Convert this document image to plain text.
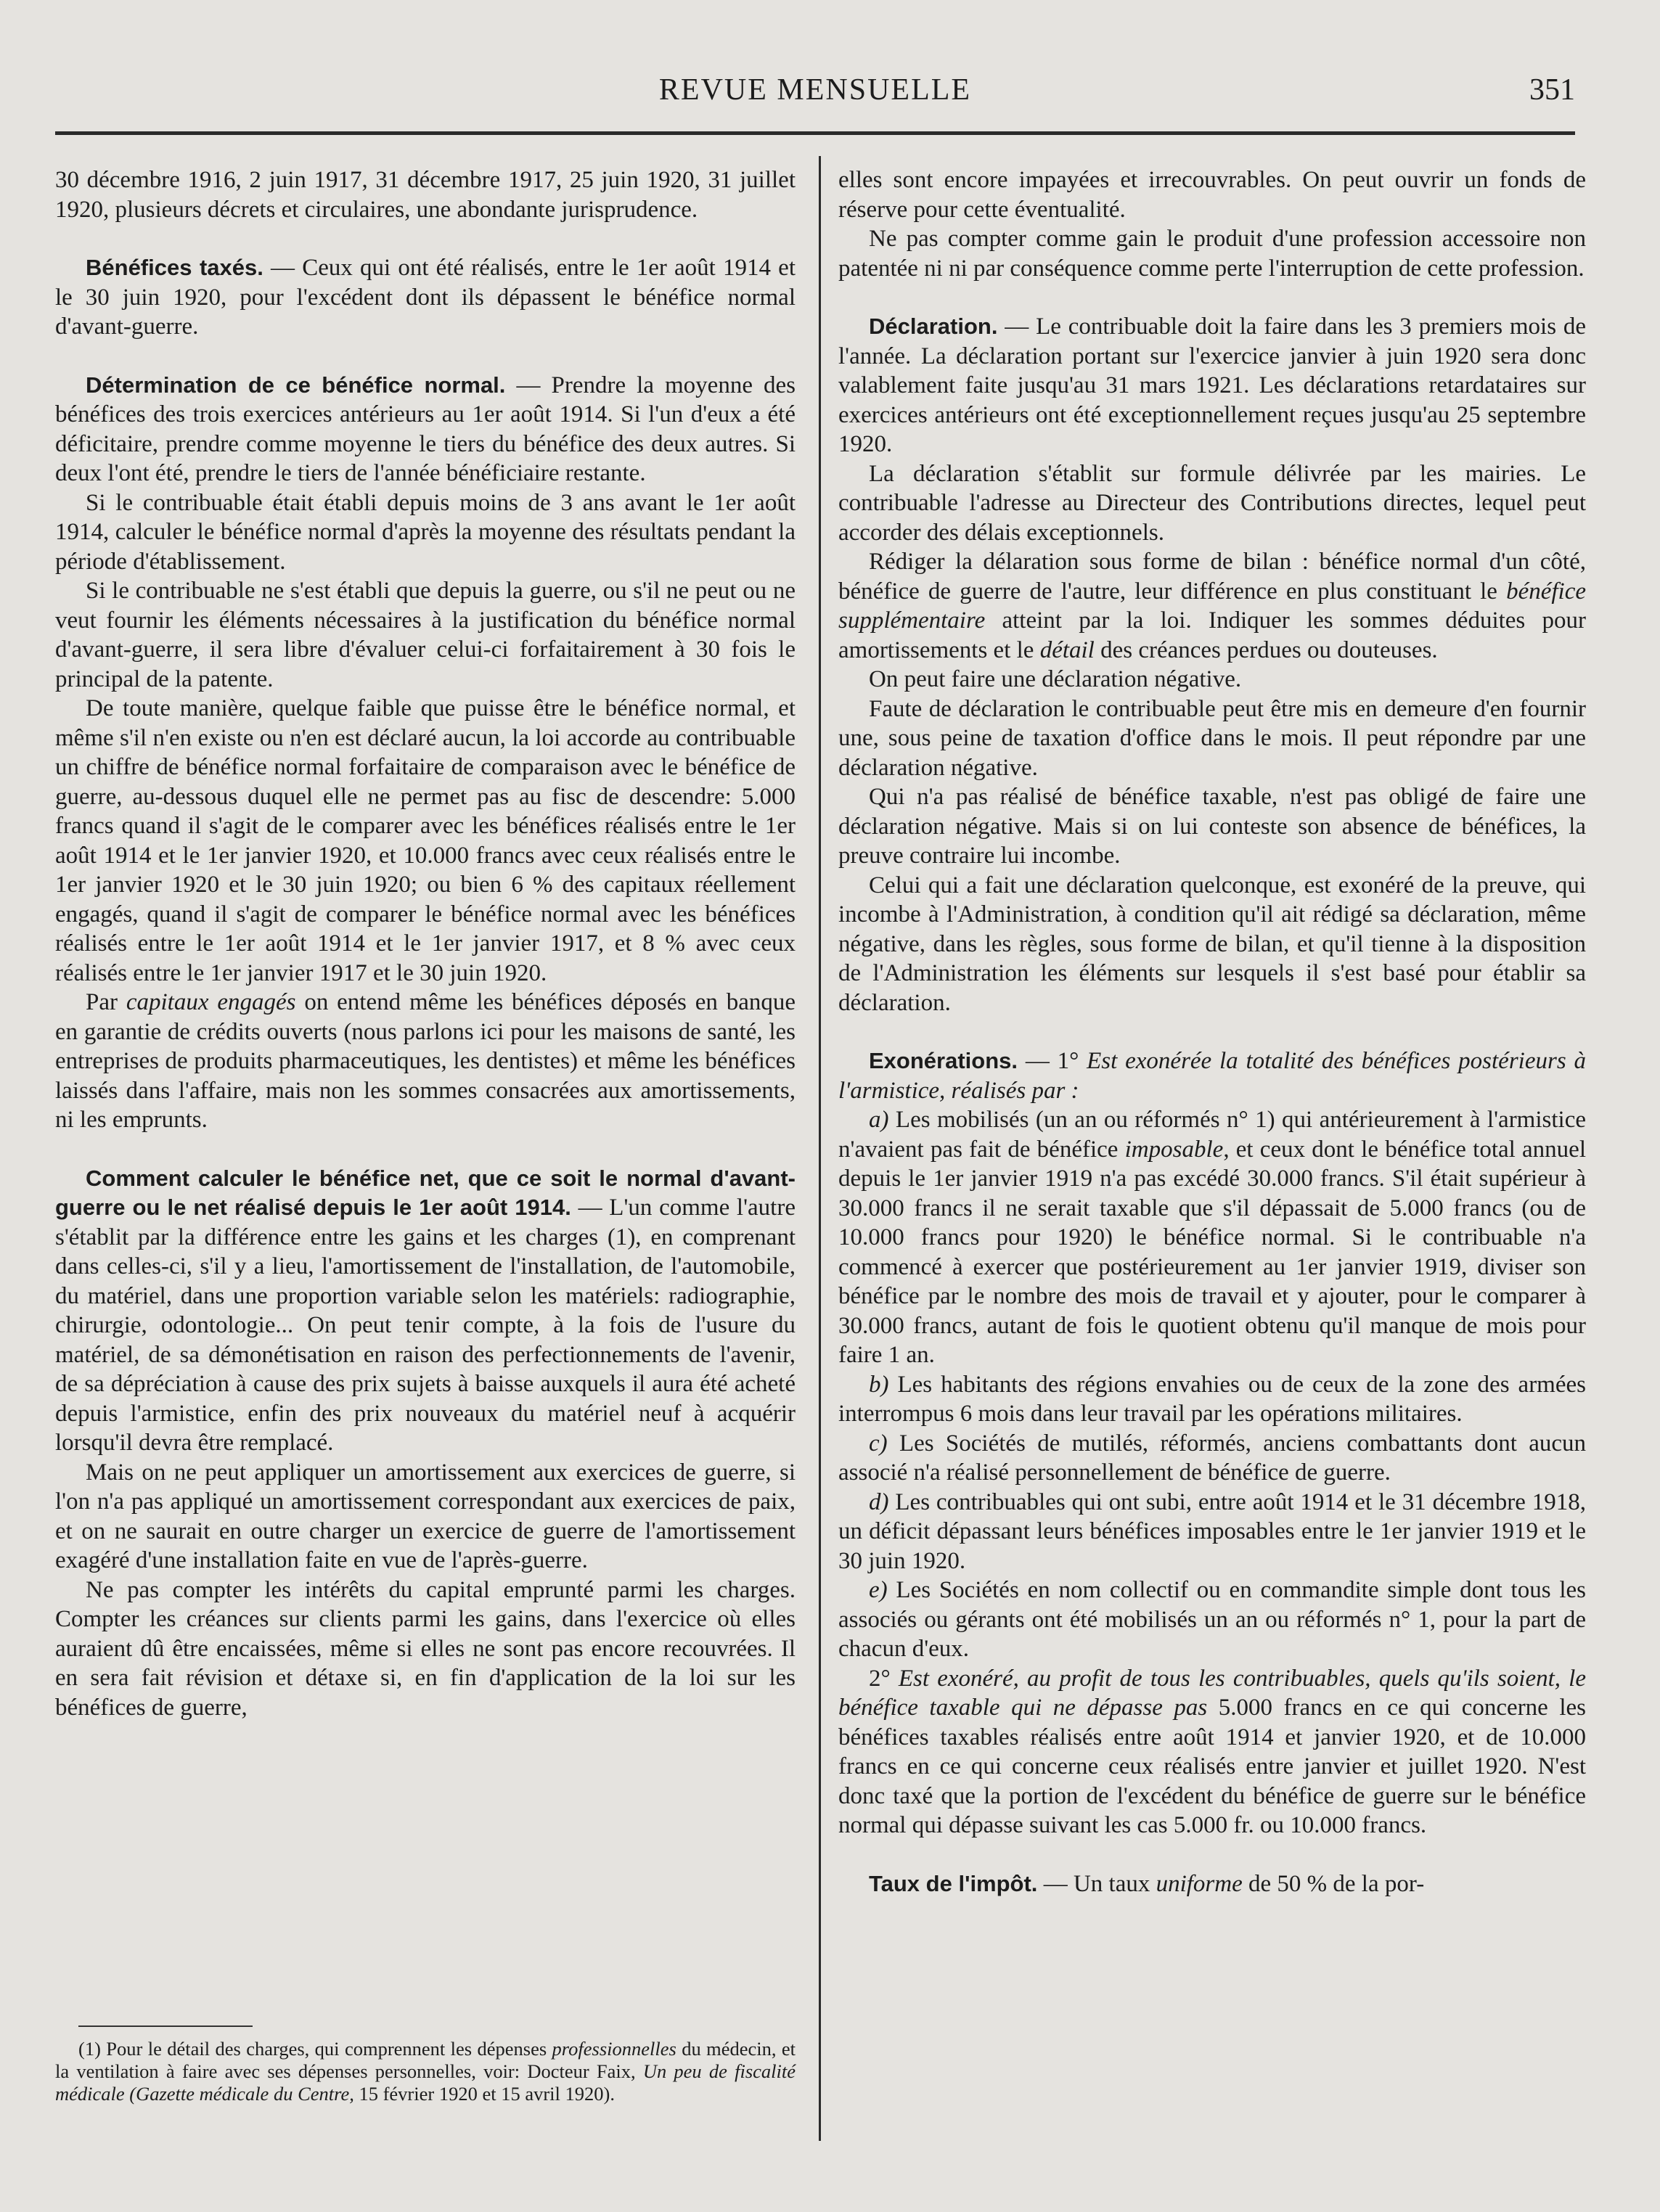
REVUE MENSUELLE	351

30 décembre 1916, 2 juin 1917, 31 décembre 1917, 25 juin 1920, 31 juillet 1920, plusieurs décrets et circulaires, une abondante jurisprudence.

Bénéfices taxés. — Ceux qui ont été réalisés, entre le 1er août 1914 et le 30 juin 1920, pour l'excédent dont ils dépassent le bénéfice normal d'avant-guerre.

Détermination de ce bénéfice normal. — Prendre la moyenne des bénéfices des trois exercices antérieurs au 1er août 1914. Si l'un d'eux a été déficitaire, prendre comme moyenne le tiers du bénéfice des deux autres. Si deux l'ont été, prendre le tiers de l'année bénéficiaire restante.

Si le contribuable était établi depuis moins de 3 ans avant le 1er août 1914, calculer le bénéfice normal d'après la moyenne des résultats pendant la période d'établissement.

Si le contribuable ne s'est établi que depuis la guerre, ou s'il ne peut ou ne veut fournir les éléments nécessaires à la justification du bénéfice normal d'avant-guerre, il sera libre d'évaluer celui-ci forfaitairement à 30 fois le principal de la patente.

De toute manière, quelque faible que puisse être le bénéfice normal, et même s'il n'en existe ou n'en est déclaré aucun, la loi accorde au contribuable un chiffre de bénéfice normal forfaitaire de comparaison avec le bénéfice de guerre, au-dessous duquel elle ne permet pas au fisc de descendre: 5.000 francs quand il s'agit de le comparer avec les bénéfices réalisés entre le 1er août 1914 et le 1er janvier 1920, et 10.000 francs avec ceux réalisés entre le 1er janvier 1920 et le 30 juin 1920; ou bien 6 % des capitaux réellement engagés, quand il s'agit de comparer le bénéfice normal avec les bénéfices réalisés entre le 1er août 1914 et le 1er janvier 1917, et 8 % avec ceux réalisés entre le 1er janvier 1917 et le 30 juin 1920.

Par capitaux engagés on entend même les bénéfices déposés en banque en garantie de crédits ouverts (nous parlons ici pour les maisons de santé, les entreprises de produits pharmaceutiques, les dentistes) et même les bénéfices laissés dans l'affaire, mais non les sommes consacrées aux amortissements, ni les emprunts.

Comment calculer le bénéfice net, que ce soit le normal d'avant-guerre ou le net réalisé depuis le 1er août 1914. — L'un comme l'autre s'établit par la différence entre les gains et les charges (1), en comprenant dans celles-ci, s'il y a lieu, l'amortissement de l'installation, de l'automobile, du matériel, dans une proportion variable selon les matériels: radiographie, chirurgie, odontologie... On peut tenir compte, à la fois de l'usure du matériel, de sa démonétisation en raison des perfectionnements de l'avenir, de sa dépréciation à cause des prix sujets à baisse auxquels il aura été acheté depuis l'armistice, enfin des prix nouveaux du matériel neuf à acquérir lorsqu'il devra être remplacé.

Mais on ne peut appliquer un amortissement aux exercices de guerre, si l'on n'a pas appliqué un amortissement correspondant aux exercices de paix, et on ne saurait en outre charger un exercice de guerre de l'amortissement exagéré d'une installation faite en vue de l'après-guerre.

Ne pas compter les intérêts du capital emprunté parmi les charges. Compter les créances sur clients parmi les gains, dans l'exercice où elles auraient dû être encaissées, même si elles ne sont pas encore recouvrées. Il en sera fait révision et détaxe si, en fin d'application de la loi sur les bénéfices de guerre,

(1) Pour le détail des charges, qui comprennent les dépenses professionnelles du médecin, et la ventilation à faire avec ses dépenses personnelles, voir: Docteur Faix, Un peu de fiscalité médicale (Gazette médicale du Centre, 15 février 1920 et 15 avril 1920).

elles sont encore impayées et irrecouvrables. On peut ouvrir un fonds de réserve pour cette éventualité.

Ne pas compter comme gain le produit d'une profession accessoire non patentée ni ni par conséquence comme perte l'interruption de cette profession.

Déclaration. — Le contribuable doit la faire dans les 3 premiers mois de l'année. La déclaration portant sur l'exercice janvier à juin 1920 sera donc valablement faite jusqu'au 31 mars 1921. Les déclarations retardataires sur exercices antérieurs ont été exceptionnellement reçues jusqu'au 25 septembre 1920.

La déclaration s'établit sur formule délivrée par les mairies. Le contribuable l'adresse au Directeur des Contributions directes, lequel peut accorder des délais exceptionnels.

Rédiger la délaration sous forme de bilan : bénéfice normal d'un côté, bénéfice de guerre de l'autre, leur différence en plus constituant le bénéfice supplémentaire atteint par la loi. Indiquer les sommes déduites pour amortissements et le détail des créances perdues ou douteuses.

On peut faire une déclaration négative.

Faute de déclaration le contribuable peut être mis en demeure d'en fournir une, sous peine de taxation d'office dans le mois. Il peut répondre par une déclaration négative.

Qui n'a pas réalisé de bénéfice taxable, n'est pas obligé de faire une déclaration négative. Mais si on lui conteste son absence de bénéfices, la preuve contraire lui incombe.

Celui qui a fait une déclaration quelconque, est exonéré de la preuve, qui incombe à l'Administration, à condition qu'il ait rédigé sa déclaration, même négative, dans les règles, sous forme de bilan, et qu'il tienne à la disposition de l'Administration les éléments sur lesquels il s'est basé pour établir sa déclaration.

Exonérations. — 1° Est exonérée la totalité des bénéfices postérieurs à l'armistice, réalisés par :

a) Les mobilisés (un an ou réformés n° 1) qui antérieurement à l'armistice n'avaient pas fait de bénéfice imposable, et ceux dont le bénéfice total annuel depuis le 1er janvier 1919 n'a pas excédé 30.000 francs. S'il était supérieur à 30.000 francs il ne serait taxable que s'il dépassait de 5.000 francs (ou de 10.000 francs pour 1920) le bénéfice normal. Si le contribuable n'a commencé à exercer que postérieurement au 1er janvier 1919, diviser son bénéfice par le nombre des mois de travail et y ajouter, pour le comparer à 30.000 francs, autant de fois le quotient obtenu qu'il manque de mois pour faire 1 an.

b) Les habitants des régions envahies ou de ceux de la zone des armées interrompus 6 mois dans leur travail par les opérations militaires.

c) Les Sociétés de mutilés, réformés, anciens combattants dont aucun associé n'a réalisé personnellement de bénéfice de guerre.

d) Les contribuables qui ont subi, entre août 1914 et le 31 décembre 1918, un déficit dépassant leurs bénéfices imposables entre le 1er janvier 1919 et le 30 juin 1920.

e) Les Sociétés en nom collectif ou en commandite simple dont tous les associés ou gérants ont été mobilisés un an ou réformés n° 1, pour la part de chacun d'eux.

2° Est exonéré, au profit de tous les contribuables, quels qu'ils soient, le bénéfice taxable qui ne dépasse pas 5.000 francs en ce qui concerne les bénéfices taxables réalisés entre août 1914 et janvier 1920, et de 10.000 francs en ce qui concerne ceux réalisés entre janvier et juillet 1920. N'est donc taxé que la portion de l'excédent du bénéfice de guerre sur le bénéfice normal qui dépasse suivant les cas 5.000 fr. ou 10.000 francs.

Taux de l'impôt. — Un taux uniforme de 50 % de la por-
